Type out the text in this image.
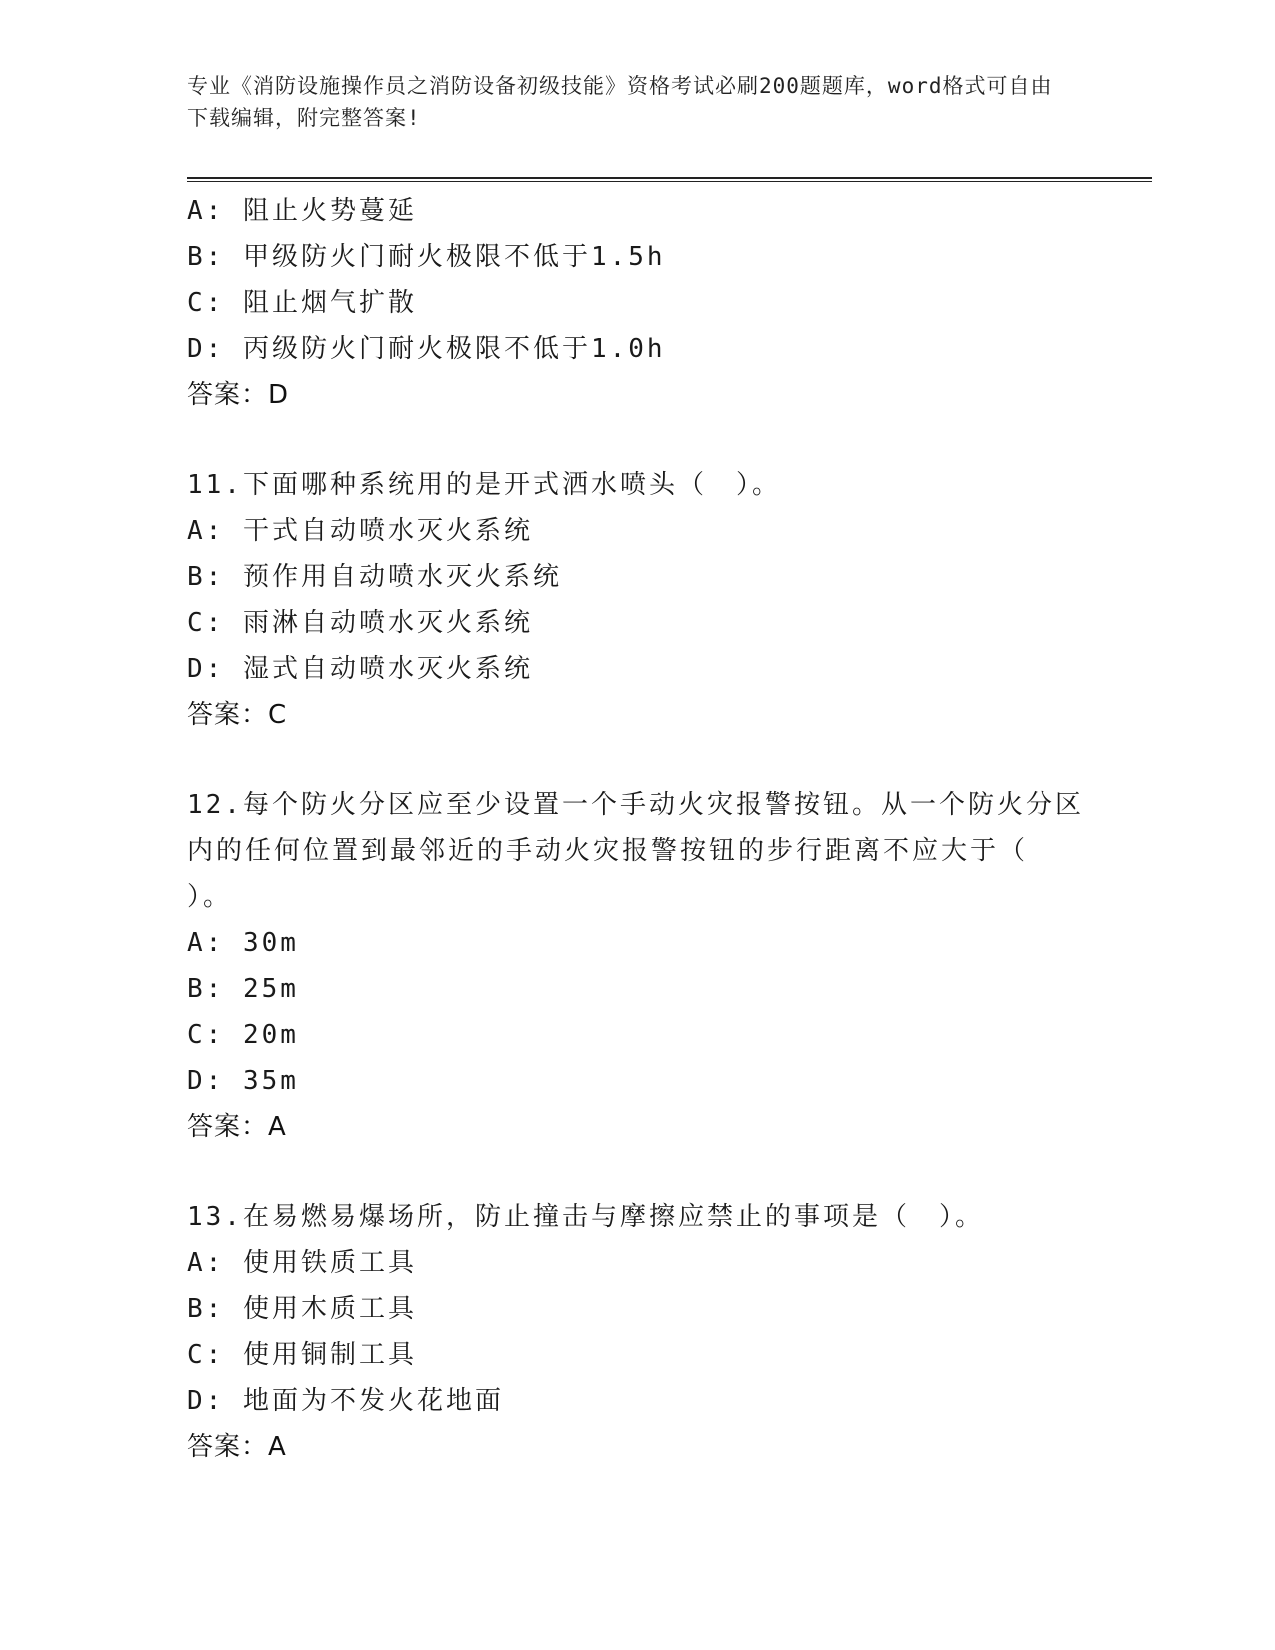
专业《消防设施操作员之消防设备初级技能》资格考试必刷200题题库，word格式可自由下载编辑，附完整答案!
A: 阻止火势蔓延
B: 甲级防火门耐火极限不低于1.5h
C: 阻止烟气扩散
D: 丙级防火门耐火极限不低于1.0h
答案：D
11.下面哪种系统用的是开式洒水喷头（　）。
A: 干式自动喷水灭火系统
B: 预作用自动喷水灭火系统
C: 雨淋自动喷水灭火系统
D: 湿式自动喷水灭火系统
答案：C
12.每个防火分区应至少设置一个手动火灾报警按钮。从一个防火分区
内的任何位置到最邻近的手动火灾报警按钮的步行距离不应大于（
）。
A: 30m
B: 25m
C: 20m
D: 35m
答案：A
13.在易燃易爆场所，防止撞击与摩擦应禁止的事项是（　）。
A: 使用铁质工具
B: 使用木质工具
C: 使用铜制工具
D: 地面为不发火花地面
答案：A
